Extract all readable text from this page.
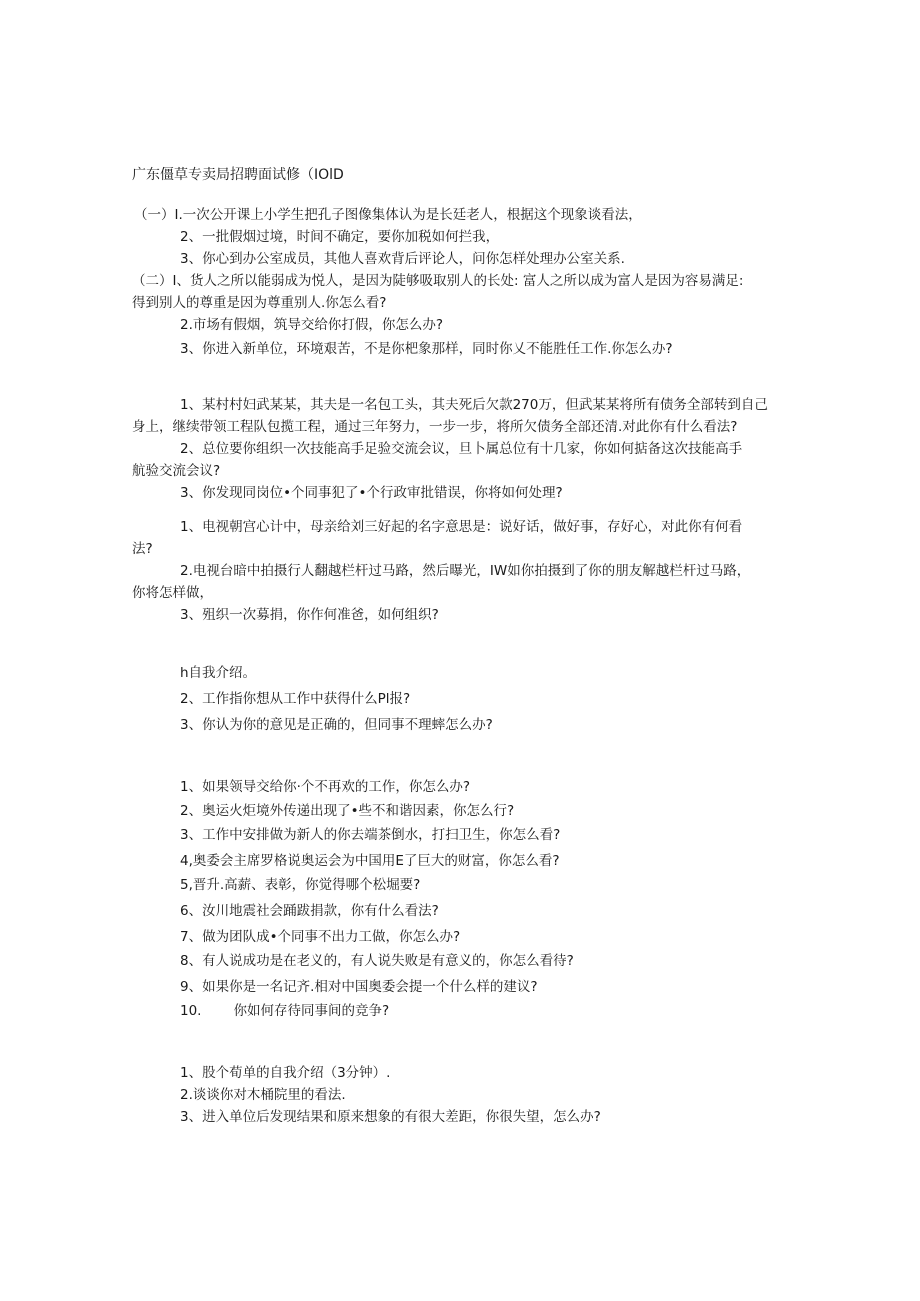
广东僵草专卖局招聘面试修（IOlD
（一）I.一次公开课上小学生把孔子图像集体认为是长廷老人，根据这个现象谈看法，
2、一批假烟过境，时间不确定，要你加税如何拦我，
3、你心到办公室成员，其他人喜欢背后评论人，问你怎样处理办公室关系.
（二）I、货人之所以能弱成为悦人，是因为陡够吸取别人的长处: 富人之所以成为富人是因为容易满足:
得到别人的尊重是因为尊重别人.你怎么看?
2.市场有假烟，筑导交给你打假，你怎么办?
3、你进入新单位，环境艰苦，不是你杷象那样，同时你乂不能胜任工作.你怎么办?
1、某村村妇武某某，其夫是一名包工头，其夫死后欠款270万，但武某某将所有债务全部转到自己
身上，继续带领工程队包揽工程，通过三年努力，一步一步，将所欠债务全部还清.对此你有什么看法?
2、总位要你组织一次技能高手足验交流会议，旦卜属总位有十几家，你如何掂备这次技能高手
航验交流会议?
3、你发现同岗位•个同事犯了•个行政审批错误，你将如何处理?
1、电视朝宫心计中，母亲给刘三好起的名字意思是：说好话，做好事，存好心，对此你有何看
法?
2.电视台暗中拍摄行人翻越栏杆过马路，然后曝光，IW如你拍摄到了你的朋友解越栏杆过马路，
你将怎样做，
3、殂织一次募捐，你作何准爸，如何组织?
h自我介绍。
2、工作指你想从工作中获得什么Pl报?
3、你认为你的意见是正确的，但同事不理蟀怎么办?
1、如果领导交给你·个不再欢的工作，你怎么办?
2、奥运火炬境外传递出现了•些不和谐因素，你怎么行?
3、工作中安排做为新人的你去端茶倒水，打扫卫生，你怎么看?
4,奥委会主席罗格说奥运会为中国用E了巨大的财富，你怎么看?
5,晋升.高薪、表彰，你觉得哪个松堀要?
6、汝川地震社会踊跋捐款，你有什么看法?
7、做为团队成•个同事不出力工做，你怎么办?
8、有人说成功是在老义的，有人说失败是有意义的，你怎么看待?
9、如果你是一名记齐.相对中国奥委会提一个什么样的建议?
10. 你如何存待同事间的竞争?
1、股个荀单的自我介绍（3分钟）.
2.谈谈你对木桶院里的看法.
3、进入单位后发现结果和原来想象的有很大差距，你很失望，怎么办?
